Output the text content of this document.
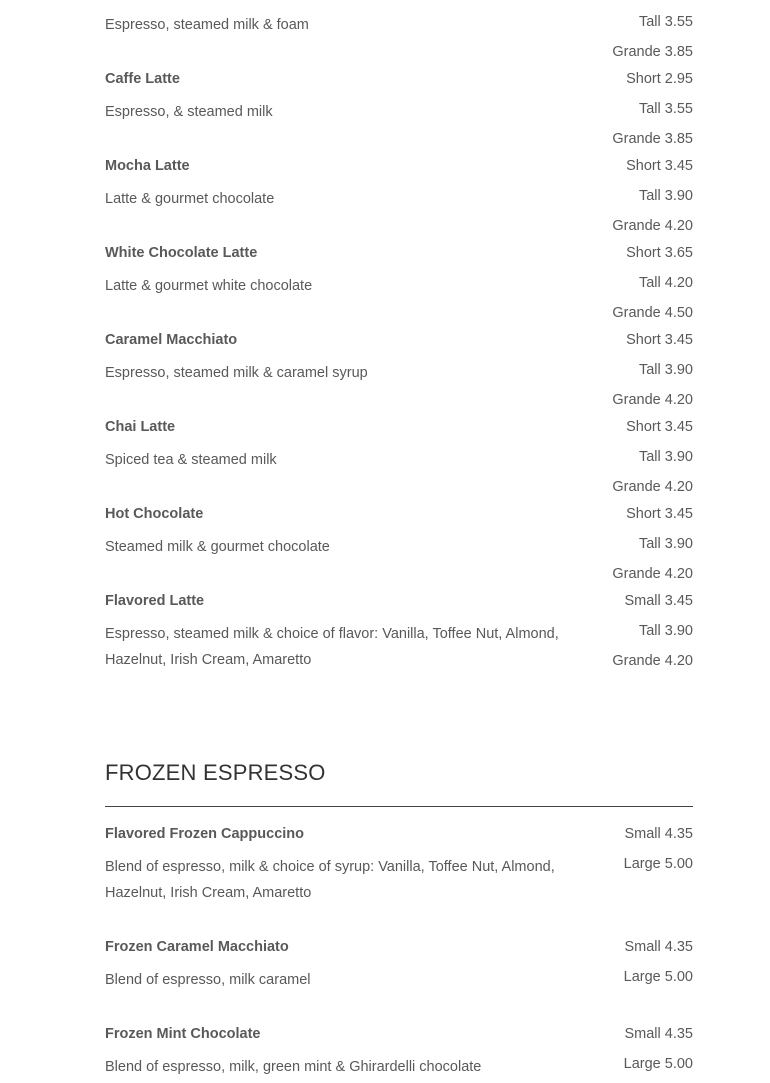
Espresso, steamed milk & foam	Tall 3.55
Grande 3.85
Caffe Latte
Espresso, & steamed milk
Short 2.95
Tall 3.55
Grande 3.85
Mocha Latte
Latte & gourmet chocolate
Short 3.45
Tall 3.90
Grande 4.20
White Chocolate Latte
Latte & gourmet white chocolate
Short 3.65
Tall 4.20
Grande 4.50
Caramel Macchiato
Espresso, steamed milk & caramel syrup
Short 3.45
Tall 3.90
Grande 4.20
Chai Latte
Spiced tea & steamed milk
Short 3.45
Tall 3.90
Grande 4.20
Hot Chocolate
Steamed milk & gourmet chocolate
Short 3.45
Tall 3.90
Grande 4.20
Flavored Latte
Espresso, steamed milk & choice of flavor: Vanilla, Toffee Nut, Almond, Hazelnut, Irish Cream, Amaretto
Small 3.45
Tall 3.90
Grande 4.20
FROZEN ESPRESSO
Flavored Frozen Cappuccino
Blend of espresso, milk & choice of syrup: Vanilla, Toffee Nut, Almond, Hazelnut, Irish Cream, Amaretto
Small 4.35
Large 5.00
Frozen Caramel Macchiato
Blend of espresso, milk caramel
Small 4.35
Large 5.00
Frozen Mint Chocolate
Blend of espresso, milk, green mint & Ghirardelli chocolate
Small 4.35
Large 5.00
